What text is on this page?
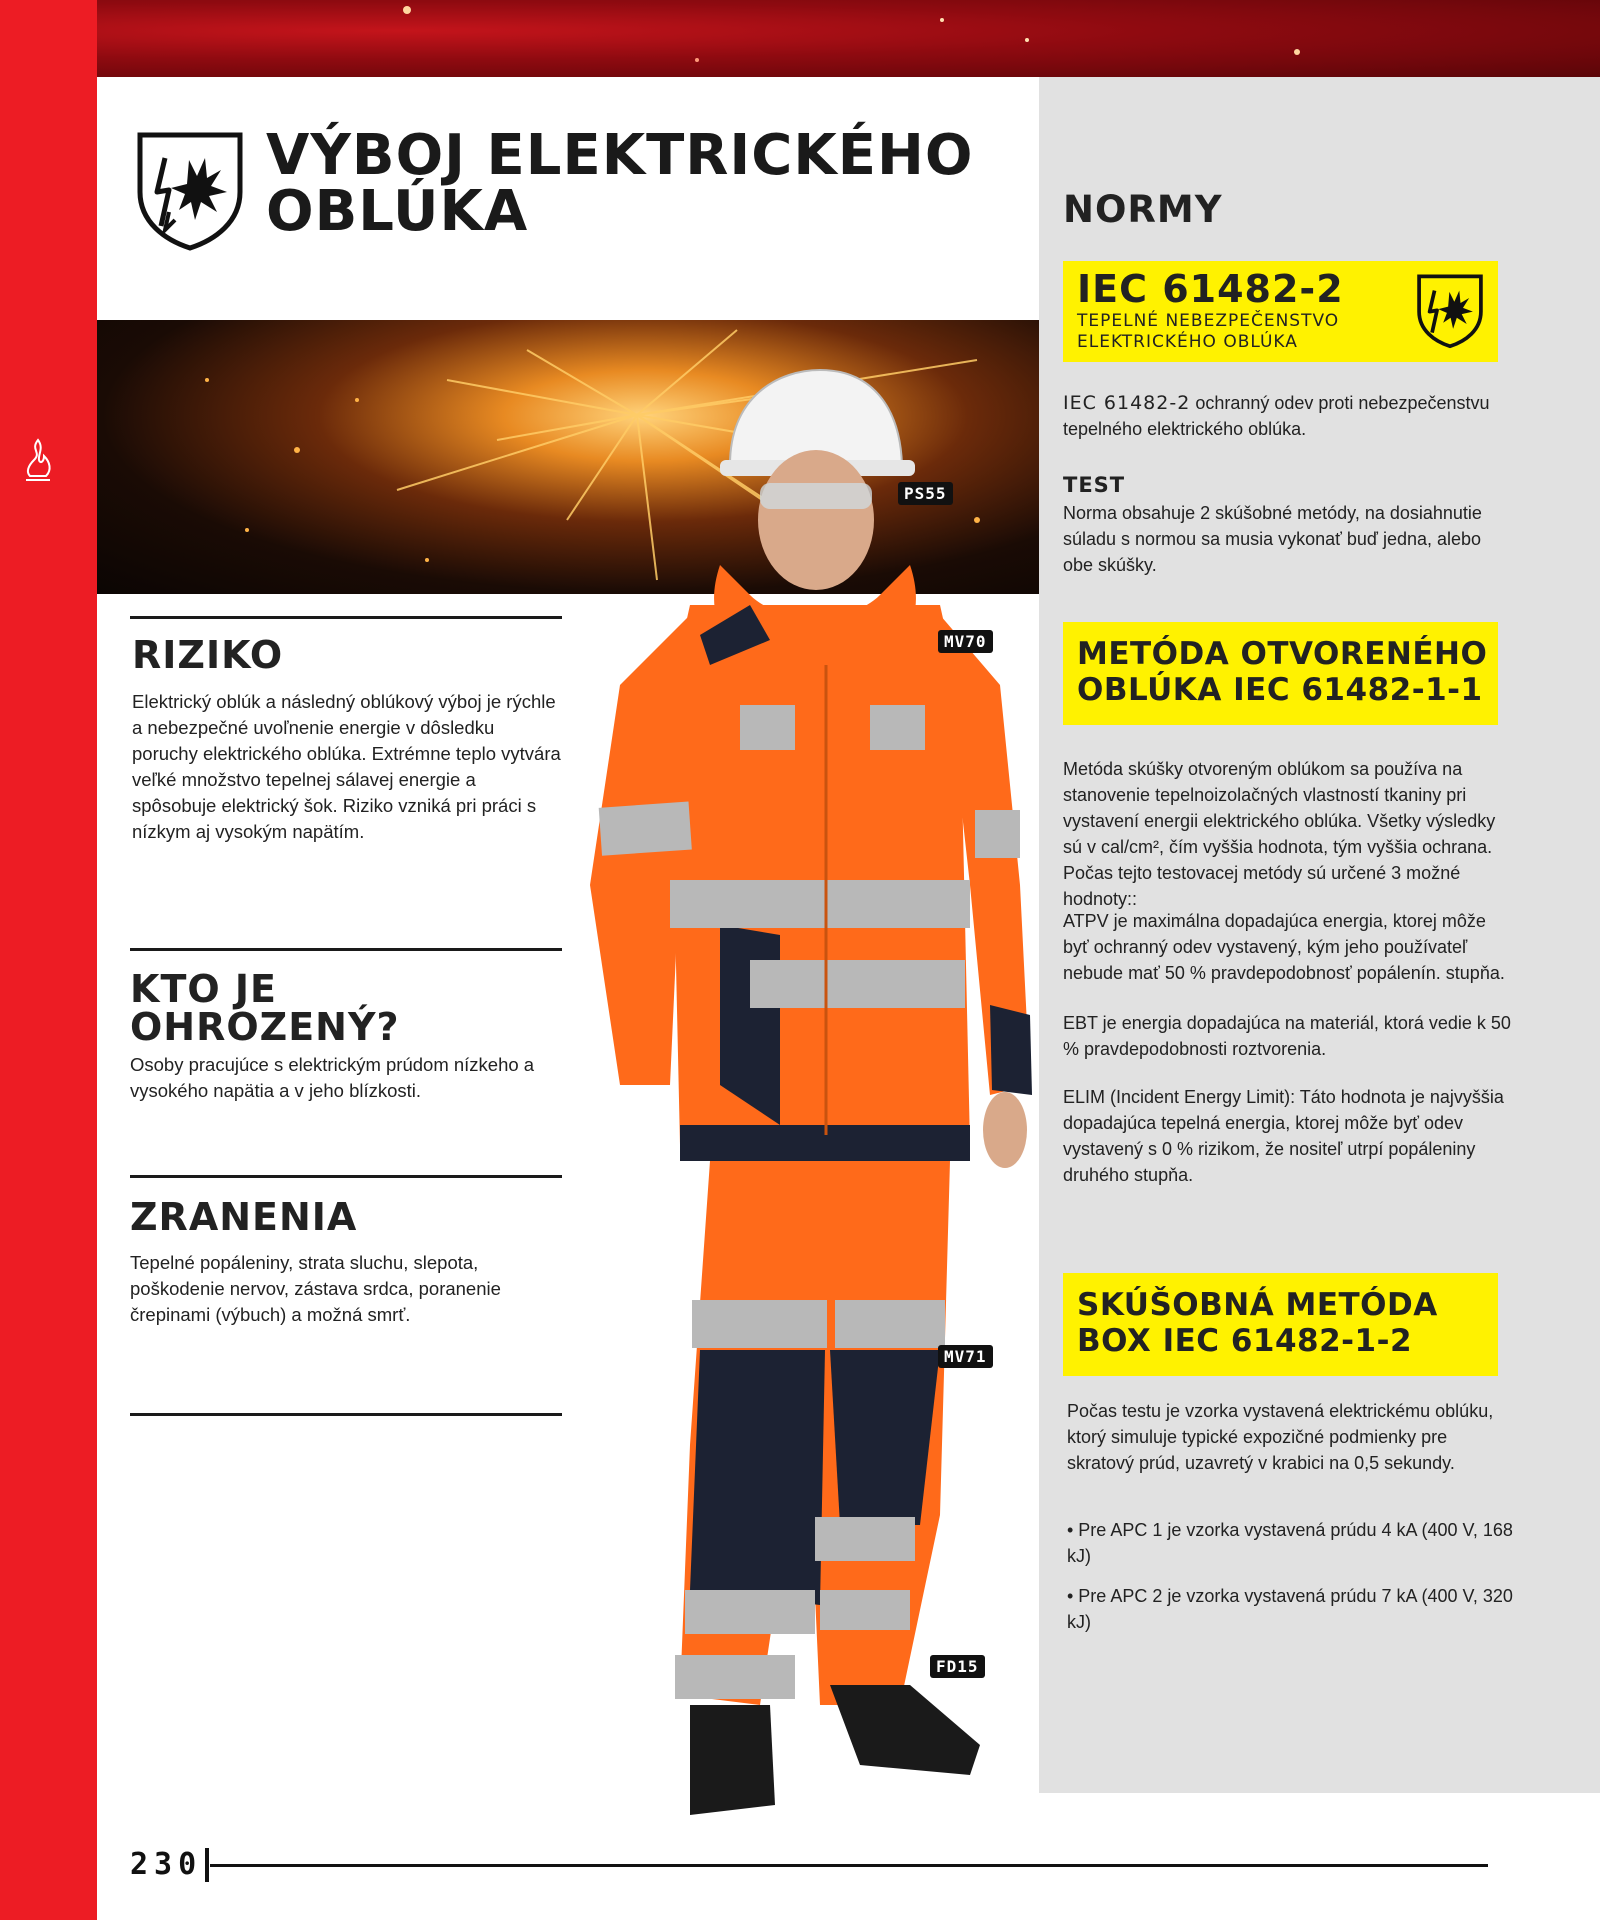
VÝBOJ ELEKTRICKÉHO
OBLÚKA
RIZIKO
Elektrický oblúk a následný oblúkový výboj je rýchle a nebezpečné uvoľnenie energie v dôsledku poruchy elektrického oblúka. Extrémne teplo vytvára veľké množstvo tepelnej sálavej energie a spôsobuje elektrický šok. Riziko vzniká pri práci s nízkym aj vysokým napätím.
KTO JE
OHROZENÝ?
Osoby pracujúce s elektrickým prúdom nízkeho a vysokého napätia a v jeho blízkosti.
ZRANENIA
Tepelné popáleniny, strata sluchu, slepota, poškodenie nervov, zástava srdca, poranenie črepinami (výbuch) a možná smrť.
PS55
MV70
MV71
FD15
NORMY
IEC 61482-2
TEPELNÉ NEBEZPEČENSTVO
ELEKTRICKÉHO OBLÚKA
IEC 61482-2 ochranný odev proti nebezpečenstvu tepelného elektrického oblúka.
TEST
Norma obsahuje 2 skúšobné metódy, na dosiahnutie súladu s normou sa musia vykonať buď jedna, alebo obe skúšky.
METÓDA OTVORENÉHO
OBLÚKA IEC 61482-1-1
Metóda skúšky otvoreným oblúkom sa používa na stanovenie tepelnoizolačných vlastností tkaniny pri vystavení energii elektrického oblúka. Všetky výsledky sú v cal/cm², čím vyššia hodnota, tým vyššia ochrana. Počas tejto testovacej metódy sú určené 3 možné hodnoty::
ATPV je maximálna dopadajúca energia, ktorej môže byť ochranný odev vystavený, kým jeho používateľ nebude mať 50 % pravdepodobnosť popálenín. stupňa.
EBT je energia dopadajúca na materiál, ktorá vedie k 50 % pravdepodobnosti roztvorenia.
ELIM (Incident Energy Limit): Táto hodnota je najvyššia dopadajúca tepelná energia, ktorej môže byť odev vystavený s 0 % rizikom, že nositeľ utrpí popáleniny druhého stupňa.
SKÚŠOBNÁ METÓDA
BOX IEC 61482-1-2
Počas testu je vzorka vystavená elektrickému oblúku, ktorý simuluje typické expozičné podmienky pre skratový prúd, uzavretý v krabici na 0,5 sekundy.
• Pre APC 1 je vzorka vystavená prúdu 4 kA (400 V, 168 kJ)
• Pre APC 2 je vzorka vystavená prúdu 7 kA (400 V, 320 kJ)
230
